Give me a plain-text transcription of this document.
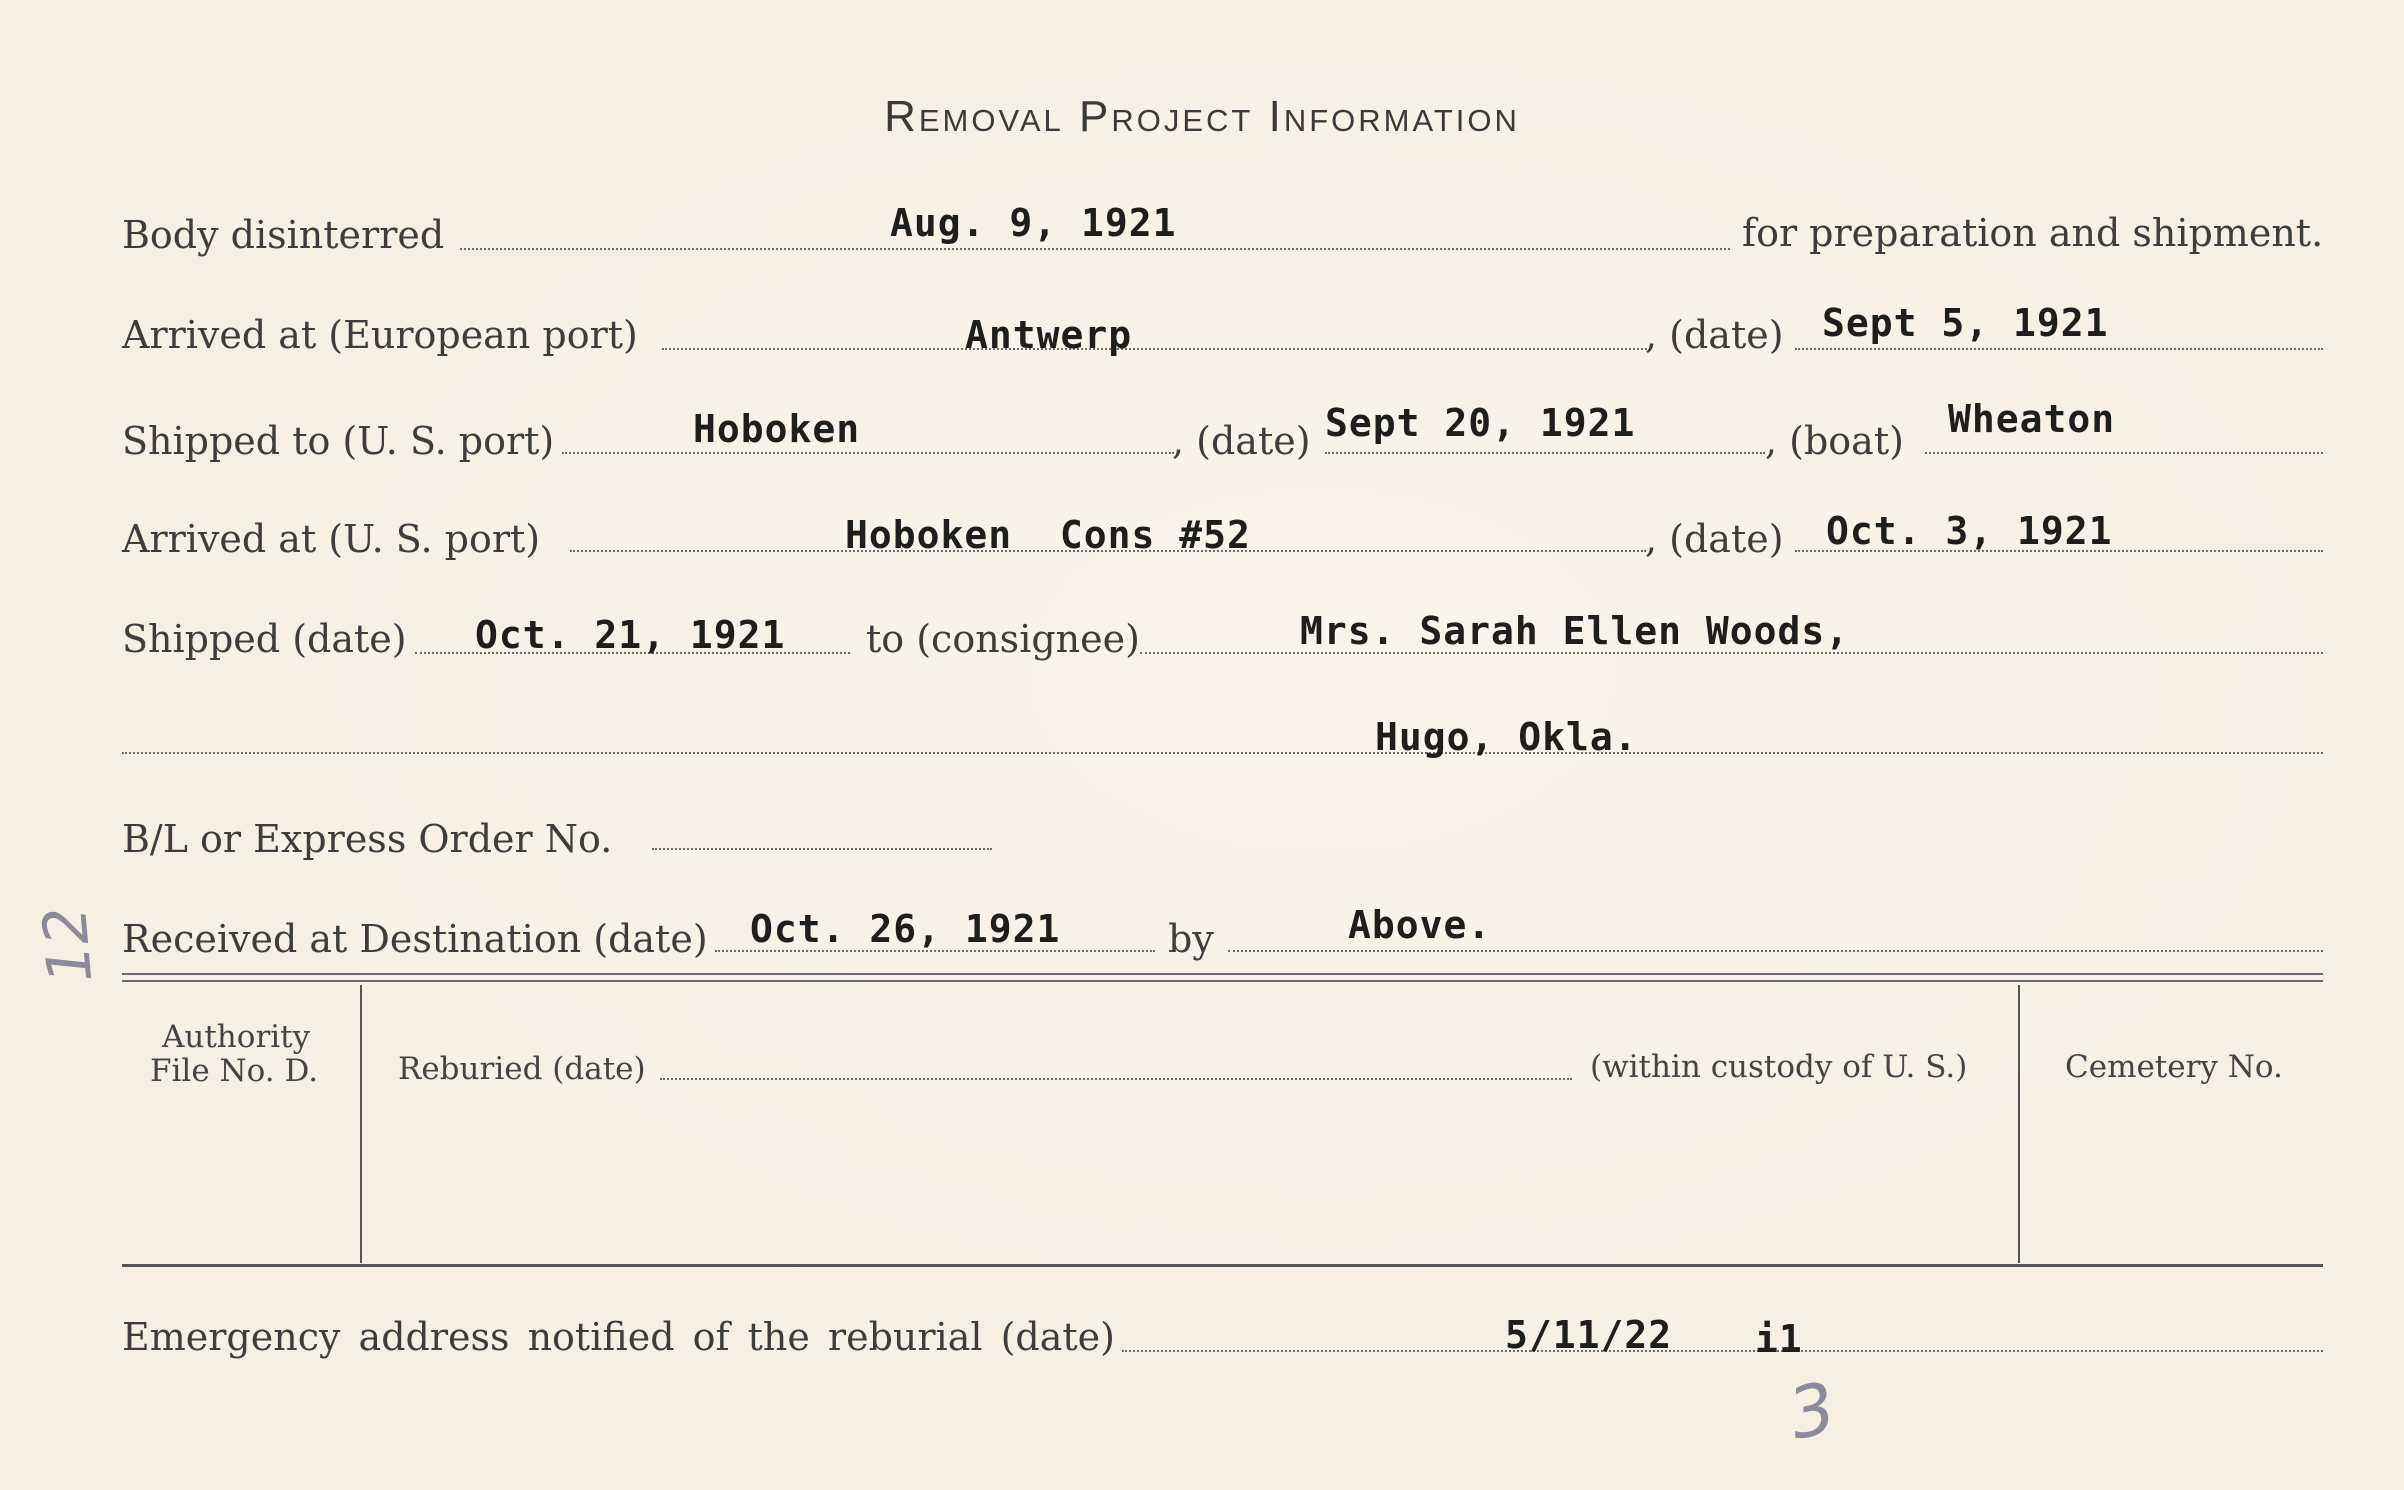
Removal Project Information
Body disinterred	Aug. 9, 1921	for preparation and shipment.
Arrived at (European port)	Antwerp	, (date) Sept 5, 1921
Shipped to (U. S. port)	Hoboken	, (date) Sept 20, 1921	, (boat) Wheaton
Arrived at (U. S. port)	Hoboken  Cons #52	, (date) Oct. 3, 1921
Shipped (date) Oct. 21, 1921 to (consignee)	Mrs. Sarah Ellen Woods,
Hugo, Okla.
B/L or Express Order No.
12 Received at Destination (date) Oct. 26, 1921	by	Above.
Authority
File No. D.	Reburied (date)	(within custody of U. S.)	Cemetery No.
Emergency address notified of the reburial (date)	5/11/22 i1
3
